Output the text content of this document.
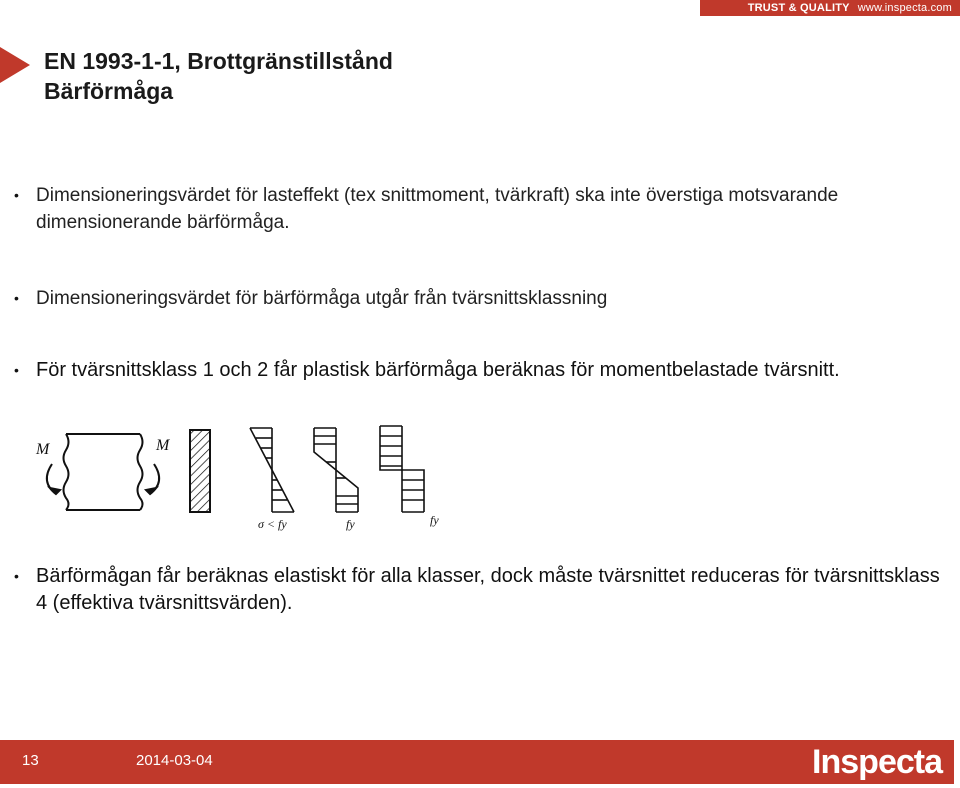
TRUST & QUALITY www.inspecta.com
EN 1993-1-1, Brottgränstillstånd
Bärförmåga
• Dimensioneringsvärdet för lasteffekt (tex snittmoment, tvärkraft) ska inte överstiga motsvarande dimensionerande bärförmåga.
• Dimensioneringsvärdet för bärförmåga utgår från tvärsnittsklassning
• För tvärsnittsklass 1 och 2 får plastisk bärförmåga beräknas för momentbelastade tvärsnitt.
M	M
σ < fy	fy	fy
• Bärförmågan får beräknas elastiskt för alla klasser, dock måste tvärsnittet reduceras för tvärsnittsklass 4 (effektiva tvärsnittsvärden).
13	2014-03-04	Inspecta
